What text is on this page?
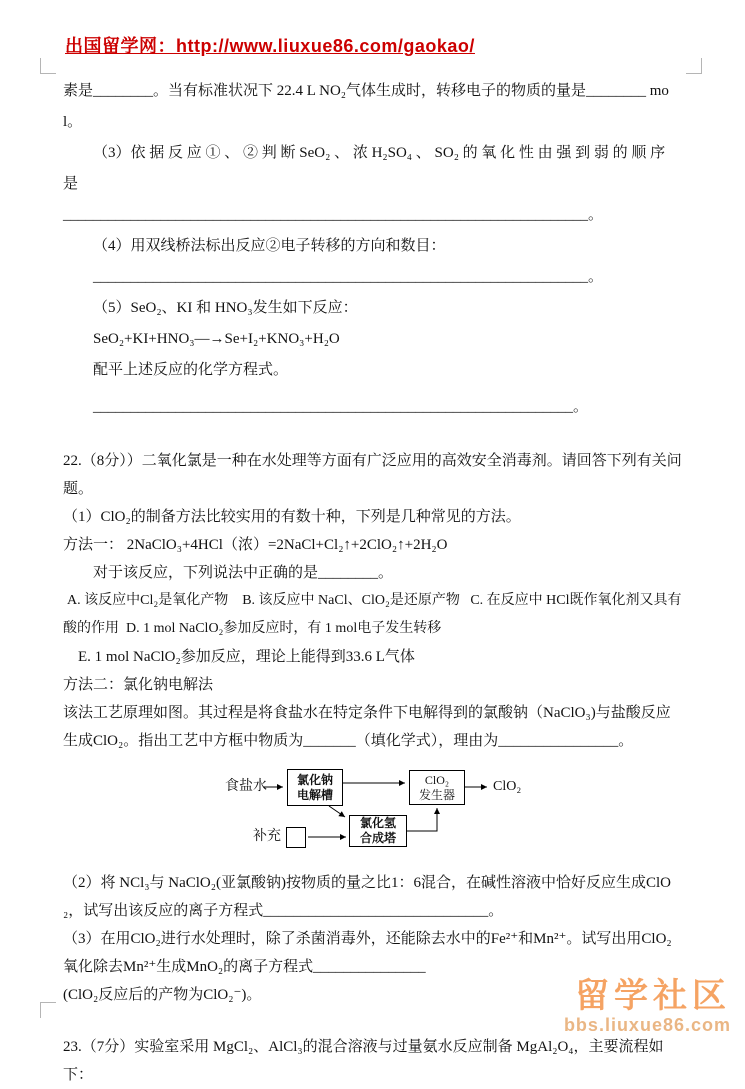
出国留学网：http://www.liuxue86.com/gaokao/

素是________。当有标准状况下 22.4 L NO₂气体生成时，转移电子的物质的量是________ mol。

（3）依 据 反 应 ① 、 ② 判 断 SeO₂ 、 浓 H₂SO₄ 、 SO₂ 的 氧 化 性 由 强 到 弱 的 顺 序 是

______________________________________________________________________。

（4）用双线桥法标出反应②电子转移的方向和数目：

__________________________________________________________________。

（5）SeO₂、KI 和 HNO₃发生如下反应：

SeO₂+KI+HNO₃—→Se+I₂+KNO₃+H₂O

配平上述反应的化学方程式。

________________________________________________________________。

22.（8分））二氧化氯是一种在水处理等方面有广泛应用的高效安全消毒剂。请回答下列有关问题。

（1）ClO₂的制备方法比较实用的有数十种，下列是几种常见的方法。

方法一： 2NaClO₃+4HCl（浓）=2NaCl+Cl₂↑+2ClO₂↑+2H₂O

对于该反应，下列说法中正确的是________。

A. 该反应中Cl₂是氧化产物    B. 该反应中 NaCl、ClO₂是还原产物   C. 在反应中 HCl既作氧化剂又具有酸的作用  D. 1 mol NaClO₂参加反应时，有 1 mol电子发生转移

E. 1 mol NaClO₂参加反应，理论上能得到33.6 L气体

方法二：氯化钠电解法

该法工艺原理如图。其过程是将食盐水在特定条件下电解得到的氯酸钠（NaClO₃)与盐酸反应生成ClO₂。指出工艺中方框中物质为_______（填化学式），理由为________________。

食盐水 氯化钠
电解槽
ClO₂
发生器
ClO₂
氯化氢
合成塔
补充

（2）将 NCl₃与 NaClO₂(亚氯酸钠)按物质的量之比1：6混合，在碱性溶液中恰好反应生成ClO₂，试写出该反应的离子方程式______________________________。

（3）在用ClO₂进行水处理时，除了杀菌消毒外，还能除去水中的Fe²⁺和Mn²⁺。试写出用ClO₂氧化除去Mn²⁺生成MnO₂的离子方程式_______________

(ClO₂反应后的产物为ClO₂⁻)。

23.（7分）实验室采用 MgCl₂、AlCl₃的混合溶液与过量氨水反应制备 MgAl₂O₄，主要流程如下：

留学社区
bbs.liuxue86.com
